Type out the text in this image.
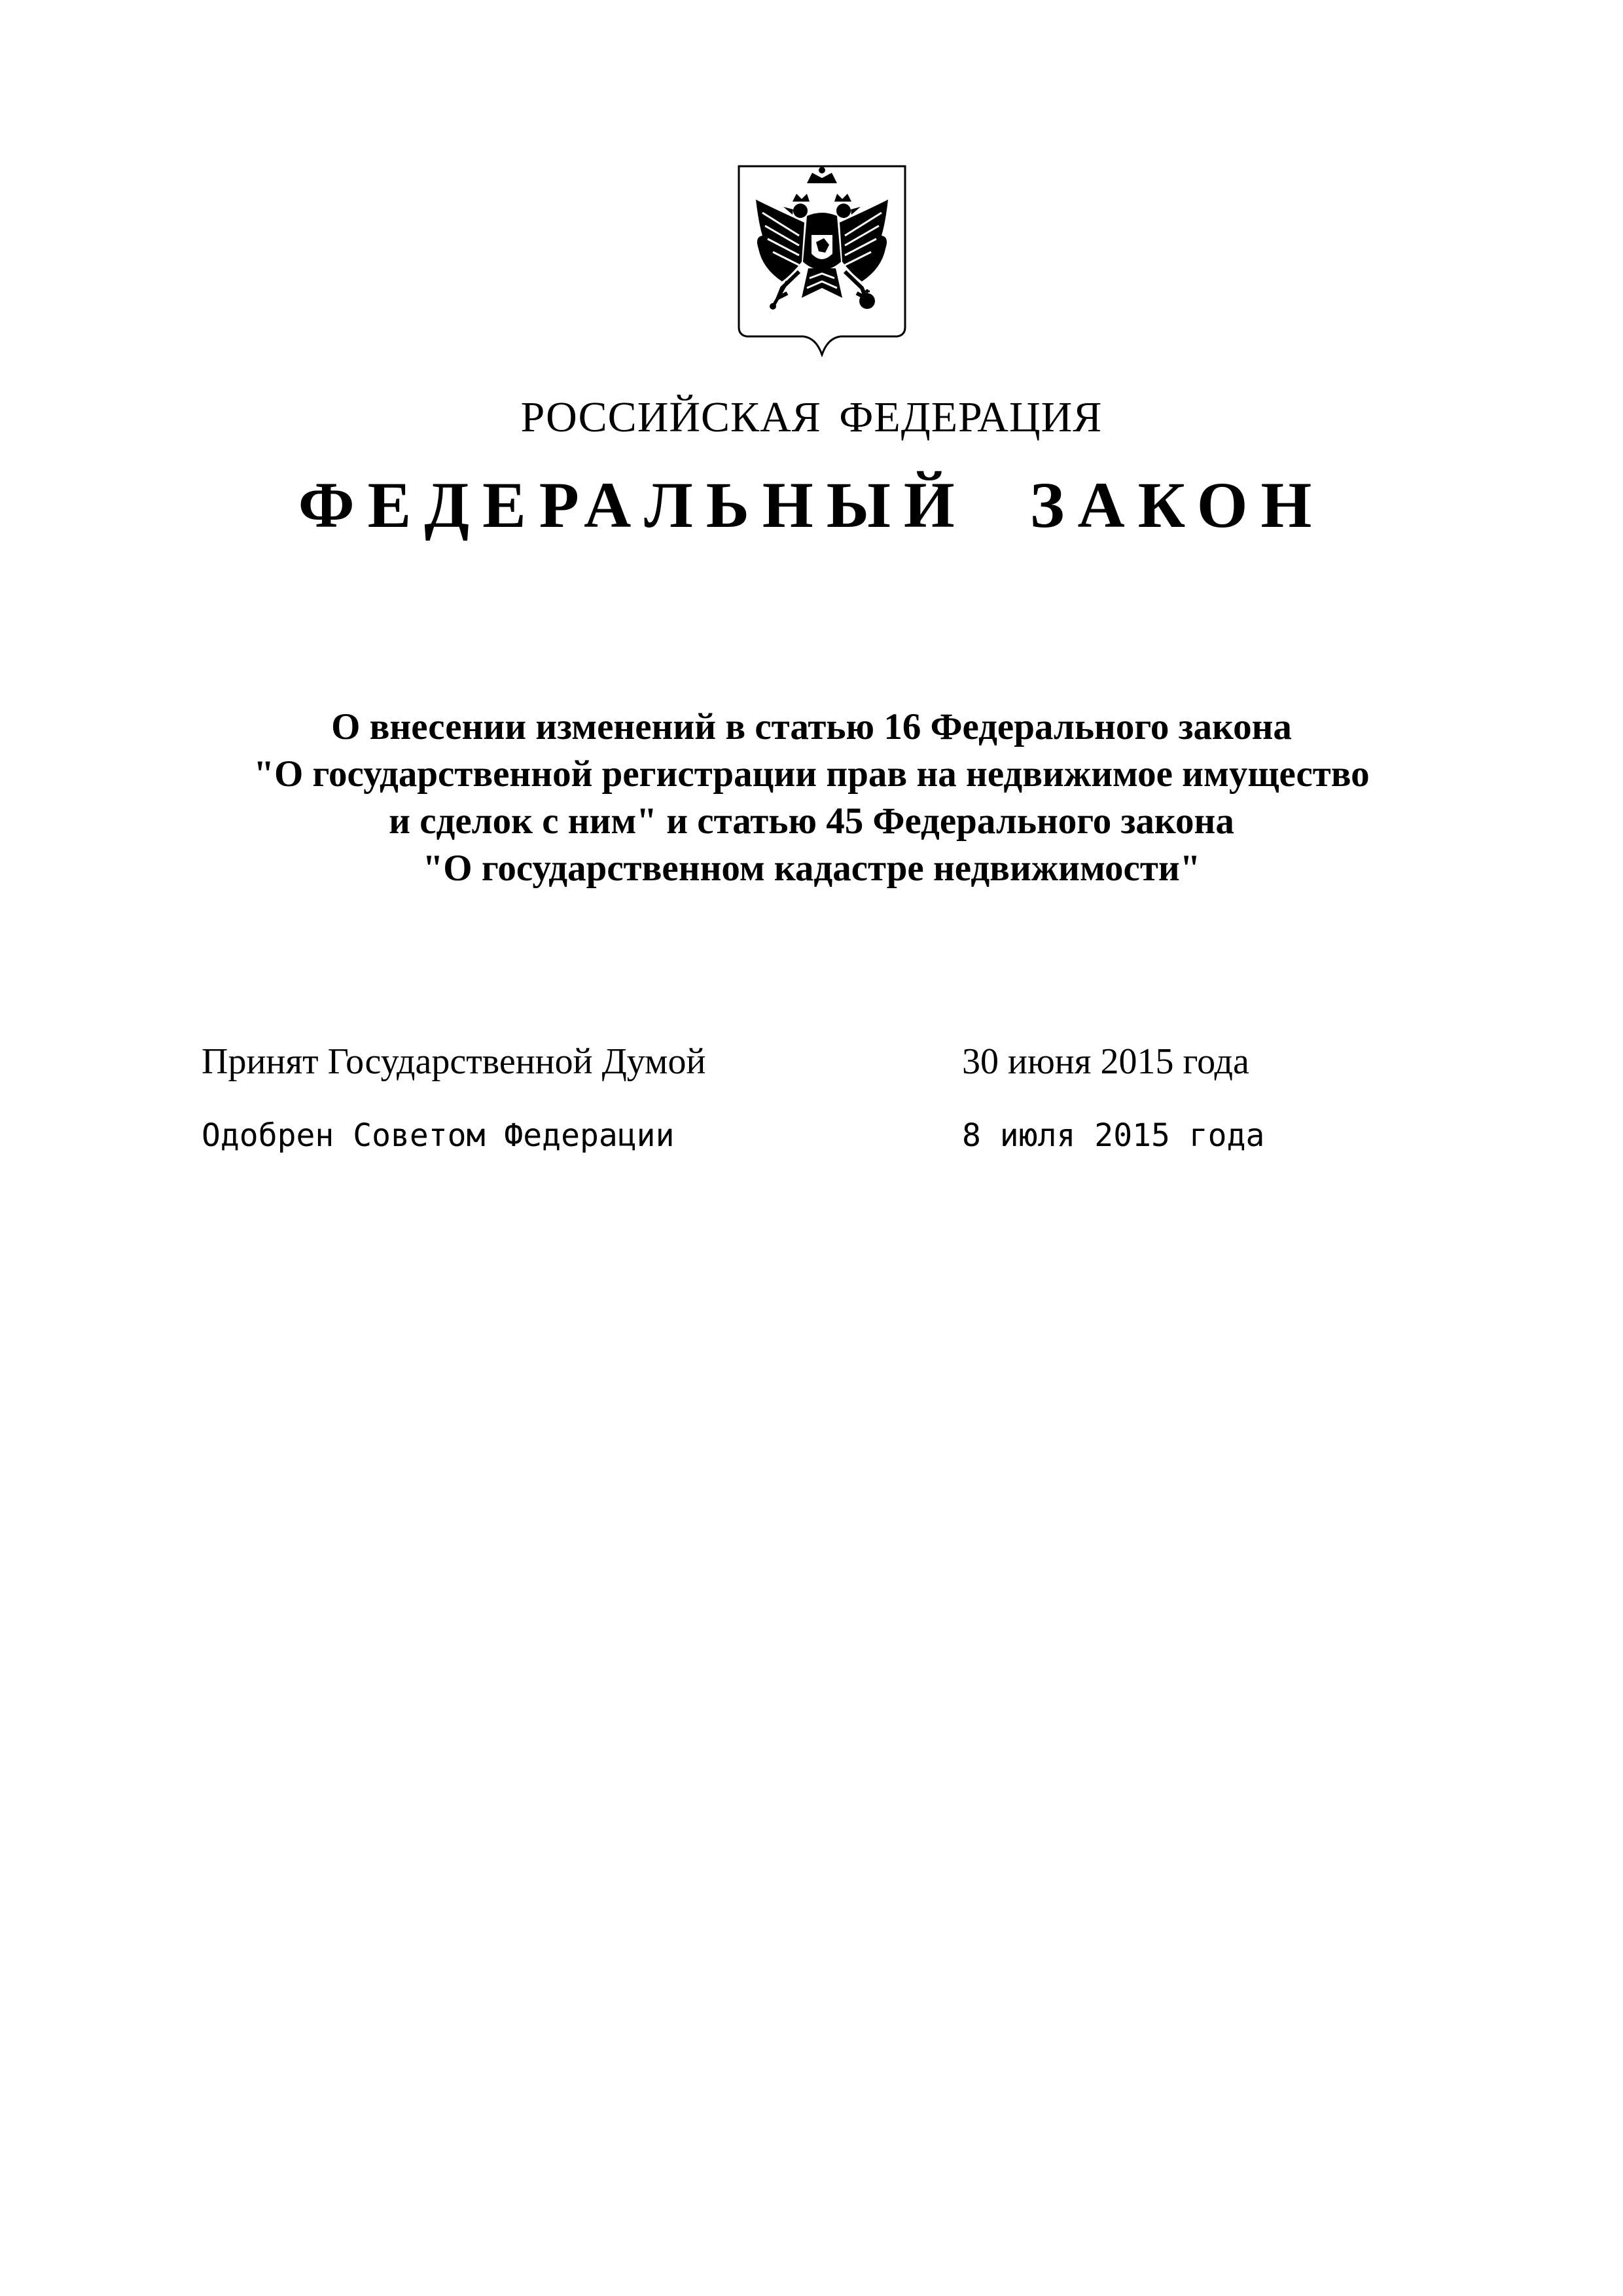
РОССИЙСКАЯ ФЕДЕРАЦИЯ
ФЕДЕРАЛЬНЫЙ ЗАКОН
О внесении изменений в статью 16 Федерального закона
"О государственной регистрации прав на недвижимое имущество
и сделок с ним" и статью 45 Федерального закона
"О государственном кадастре недвижимости"
Принят Государственной Думой	30 июня 2015 года
Одобрен Советом Федерации	8 июля 2015 года
